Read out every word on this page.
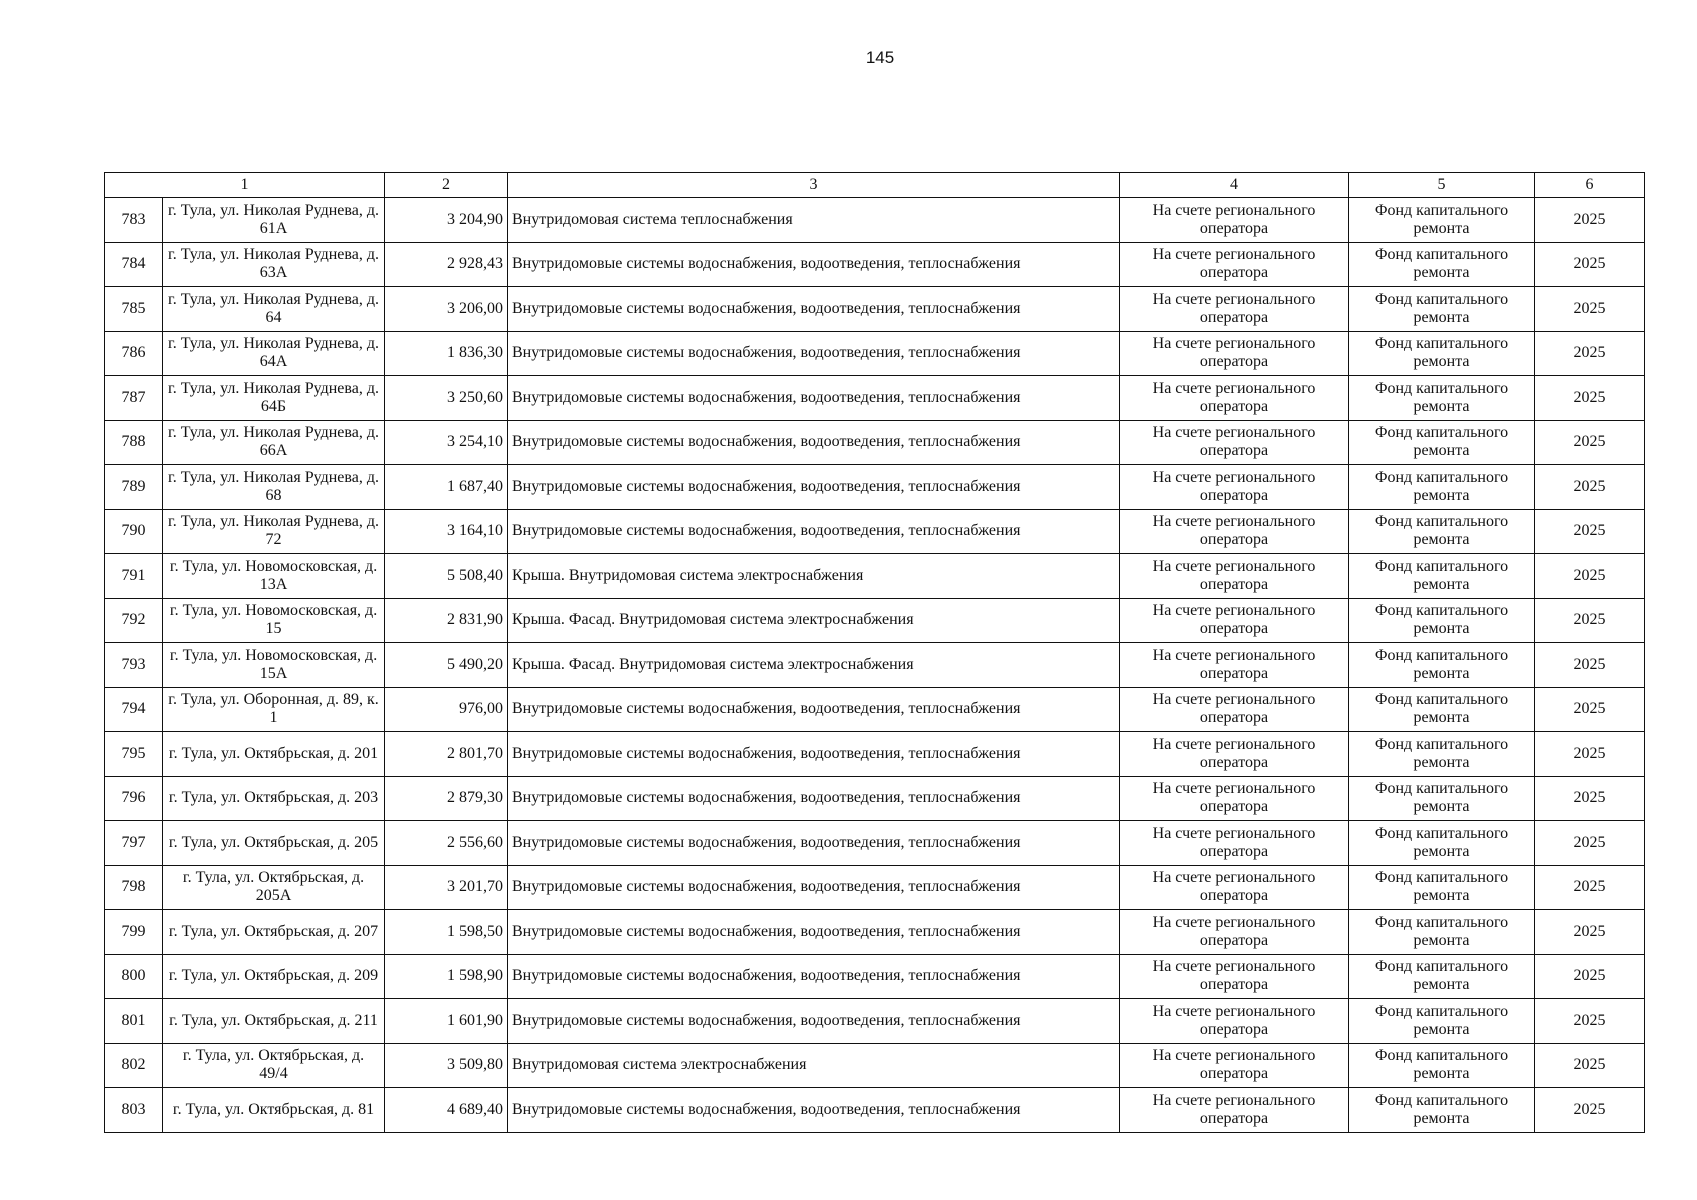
145
1		2	3	4	5	6
783	г. Тула, ул. Николая Руднева, д. 61А	3 204,90	Внутридомовая система теплоснабжения	На счете регионального оператора	Фонд капитального ремонта	2025
784	г. Тула, ул. Николая Руднева, д. 63А	2 928,43	Внутридомовые системы водоснабжения, водоотведения, теплоснабжения	На счете регионального оператора	Фонд капитального ремонта	2025
785	г. Тула, ул. Николая Руднева, д. 64	3 206,00	Внутридомовые системы водоснабжения, водоотведения, теплоснабжения	На счете регионального оператора	Фонд капитального ремонта	2025
786	г. Тула, ул. Николая Руднева, д. 64А	1 836,30	Внутридомовые системы водоснабжения, водоотведения, теплоснабжения	На счете регионального оператора	Фонд капитального ремонта	2025
787	г. Тула, ул. Николая Руднева, д. 64Б	3 250,60	Внутридомовые системы водоснабжения, водоотведения, теплоснабжения	На счете регионального оператора	Фонд капитального ремонта	2025
788	г. Тула, ул. Николая Руднева, д. 66А	3 254,10	Внутридомовые системы водоснабжения, водоотведения, теплоснабжения	На счете регионального оператора	Фонд капитального ремонта	2025
789	г. Тула, ул. Николая Руднева, д. 68	1 687,40	Внутридомовые системы водоснабжения, водоотведения, теплоснабжения	На счете регионального оператора	Фонд капитального ремонта	2025
790	г. Тула, ул. Николая Руднева, д. 72	3 164,10	Внутридомовые системы водоснабжения, водоотведения, теплоснабжения	На счете регионального оператора	Фонд капитального ремонта	2025
791	г. Тула, ул. Новомосковская, д. 13А	5 508,40	Крыша. Внутридомовая система электроснабжения	На счете регионального оператора	Фонд капитального ремонта	2025
792	г. Тула, ул. Новомосковская, д. 15	2 831,90	Крыша. Фасад. Внутридомовая система электроснабжения	На счете регионального оператора	Фонд капитального ремонта	2025
793	г. Тула, ул. Новомосковская, д. 15А	5 490,20	Крыша. Фасад. Внутридомовая система электроснабжения	На счете регионального оператора	Фонд капитального ремонта	2025
794	г. Тула, ул. Оборонная, д. 89, к. 1	976,00	Внутридомовые системы водоснабжения, водоотведения, теплоснабжения	На счете регионального оператора	Фонд капитального ремонта	2025
795	г. Тула, ул. Октябрьская, д. 201	2 801,70	Внутридомовые системы водоснабжения, водоотведения, теплоснабжения	На счете регионального оператора	Фонд капитального ремонта	2025
796	г. Тула, ул. Октябрьская, д. 203	2 879,30	Внутридомовые системы водоснабжения, водоотведения, теплоснабжения	На счете регионального оператора	Фонд капитального ремонта	2025
797	г. Тула, ул. Октябрьская, д. 205	2 556,60	Внутридомовые системы водоснабжения, водоотведения, теплоснабжения	На счете регионального оператора	Фонд капитального ремонта	2025
798	г. Тула, ул. Октябрьская, д. 205А	3 201,70	Внутридомовые системы водоснабжения, водоотведения, теплоснабжения	На счете регионального оператора	Фонд капитального ремонта	2025
799	г. Тула, ул. Октябрьская, д. 207	1 598,50	Внутридомовые системы водоснабжения, водоотведения, теплоснабжения	На счете регионального оператора	Фонд капитального ремонта	2025
800	г. Тула, ул. Октябрьская, д. 209	1 598,90	Внутридомовые системы водоснабжения, водоотведения, теплоснабжения	На счете регионального оператора	Фонд капитального ремонта	2025
801	г. Тула, ул. Октябрьская, д. 211	1 601,90	Внутридомовые системы водоснабжения, водоотведения, теплоснабжения	На счете регионального оператора	Фонд капитального ремонта	2025
802	г. Тула, ул. Октябрьская, д. 49/4	3 509,80	Внутридомовая система электроснабжения	На счете регионального оператора	Фонд капитального ремонта	2025
803	г. Тула, ул. Октябрьская, д. 81	4 689,40	Внутридомовые системы водоснабжения, водоотведения, теплоснабжения	На счете регионального оператора	Фонд капитального ремонта	2025
